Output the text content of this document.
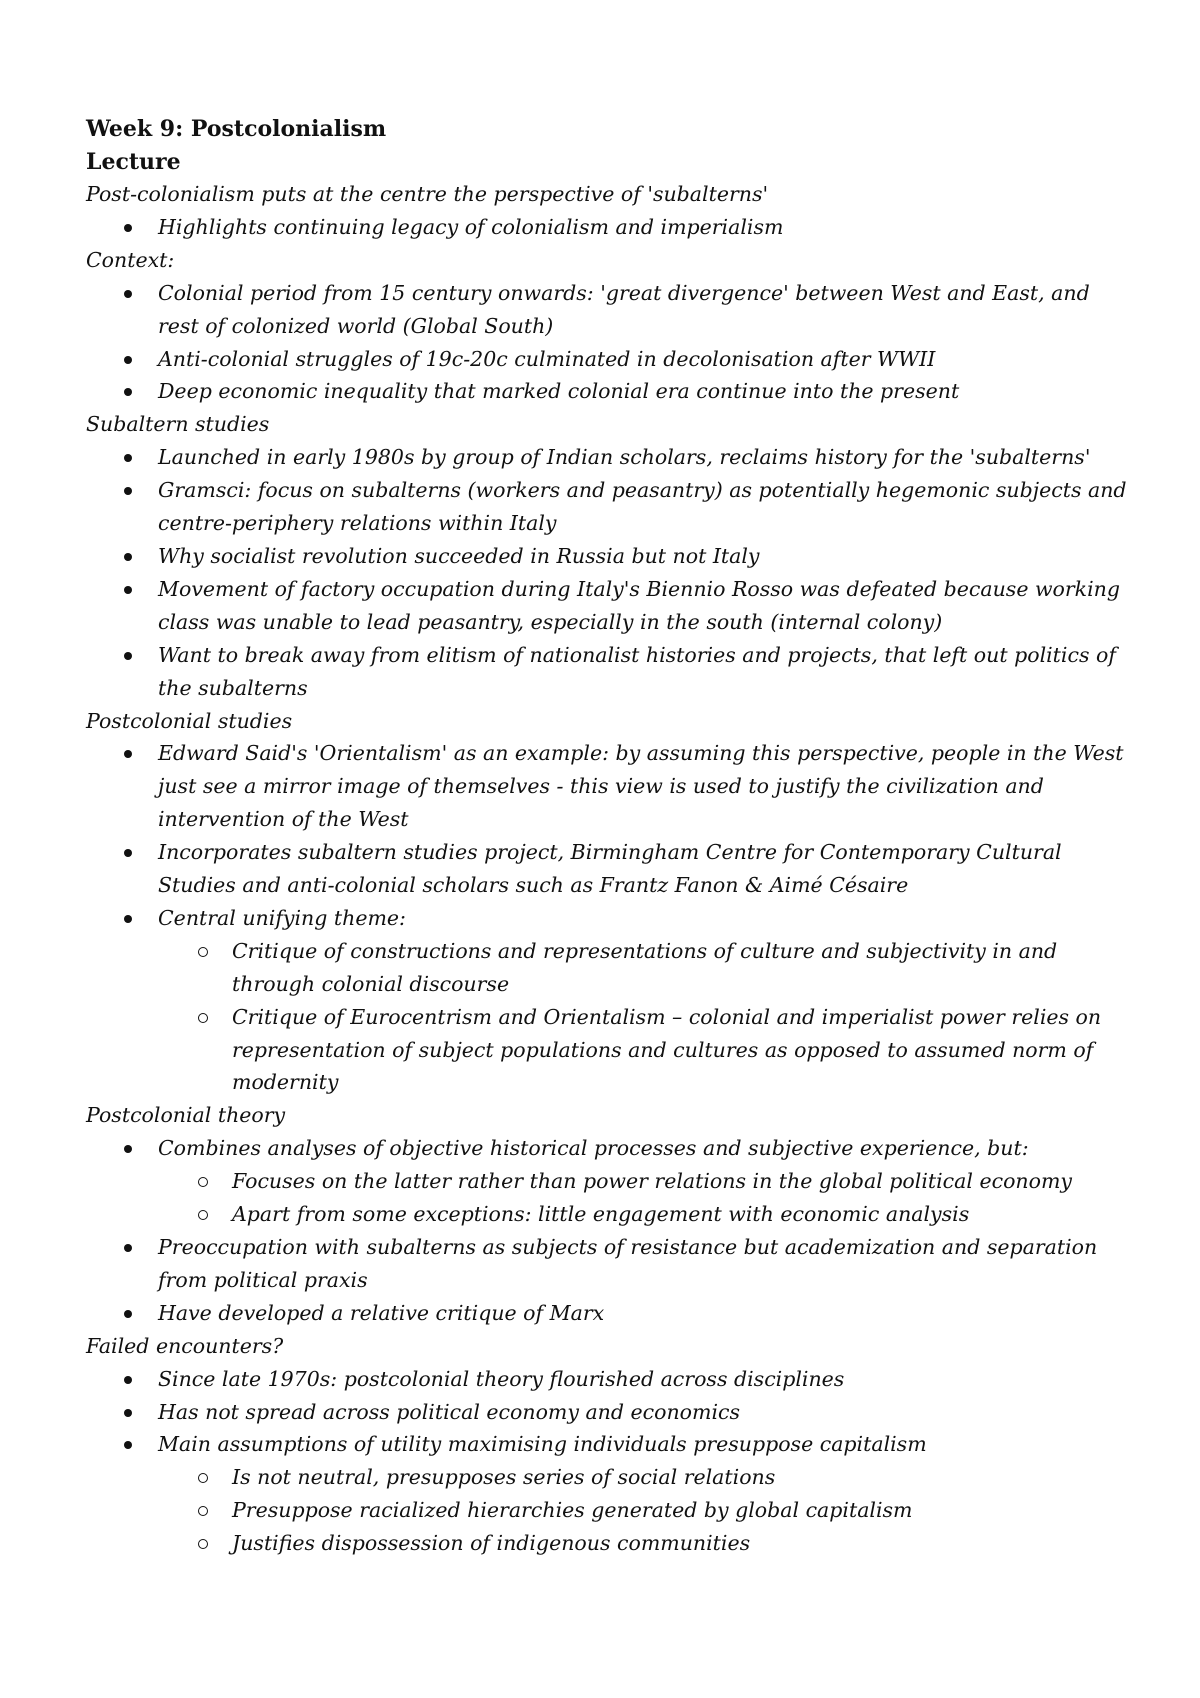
Week 9: Postcolonialism
Lecture
Post-colonialism puts at the centre the perspective of 'subalterns'
Highlights continuing legacy of colonialism and imperialism
Context:
Colonial period from 15 century onwards: 'great divergence' between West and East, and rest of colonized world (Global South)
Anti-colonial struggles of 19c-20c culminated in decolonisation after WWII
Deep economic inequality that marked colonial era continue into the present
Subaltern studies
Launched in early 1980s by group of Indian scholars, reclaims history for the 'subalterns'
Gramsci: focus on subalterns (workers and peasantry) as potentially hegemonic subjects and centre-periphery relations within Italy
Why socialist revolution succeeded in Russia but not Italy
Movement of factory occupation during Italy's Biennio Rosso was defeated because working class was unable to lead peasantry, especially in the south (internal colony)
Want to break away from elitism of nationalist histories and projects, that left out politics of the subalterns
Postcolonial studies
Edward Said's 'Orientalism' as an example: by assuming this perspective, people in the West just see a mirror image of themselves - this view is used to justify the civilization and intervention of the West
Incorporates subaltern studies project, Birmingham Centre for Contemporary Cultural Studies and anti-colonial scholars such as Frantz Fanon & Aimé Césaire
Central unifying theme:
Critique of constructions and representations of culture and subjectivity in and through colonial discourse
Critique of Eurocentrism and Orientalism – colonial and imperialist power relies on representation of subject populations and cultures as opposed to assumed norm of modernity
Postcolonial theory
Combines analyses of objective historical processes and subjective experience, but:
Focuses on the latter rather than power relations in the global political economy
Apart from some exceptions: little engagement with economic analysis
Preoccupation with subalterns as subjects of resistance but academization and separation from political praxis
Have developed a relative critique of Marx
Failed encounters?
Since late 1970s: postcolonial theory flourished across disciplines
Has not spread across political economy and economics
Main assumptions of utility maximising individuals presuppose capitalism
Is not neutral, presupposes series of social relations
Presuppose racialized hierarchies generated by global capitalism
Justifies dispossession of indigenous communities
